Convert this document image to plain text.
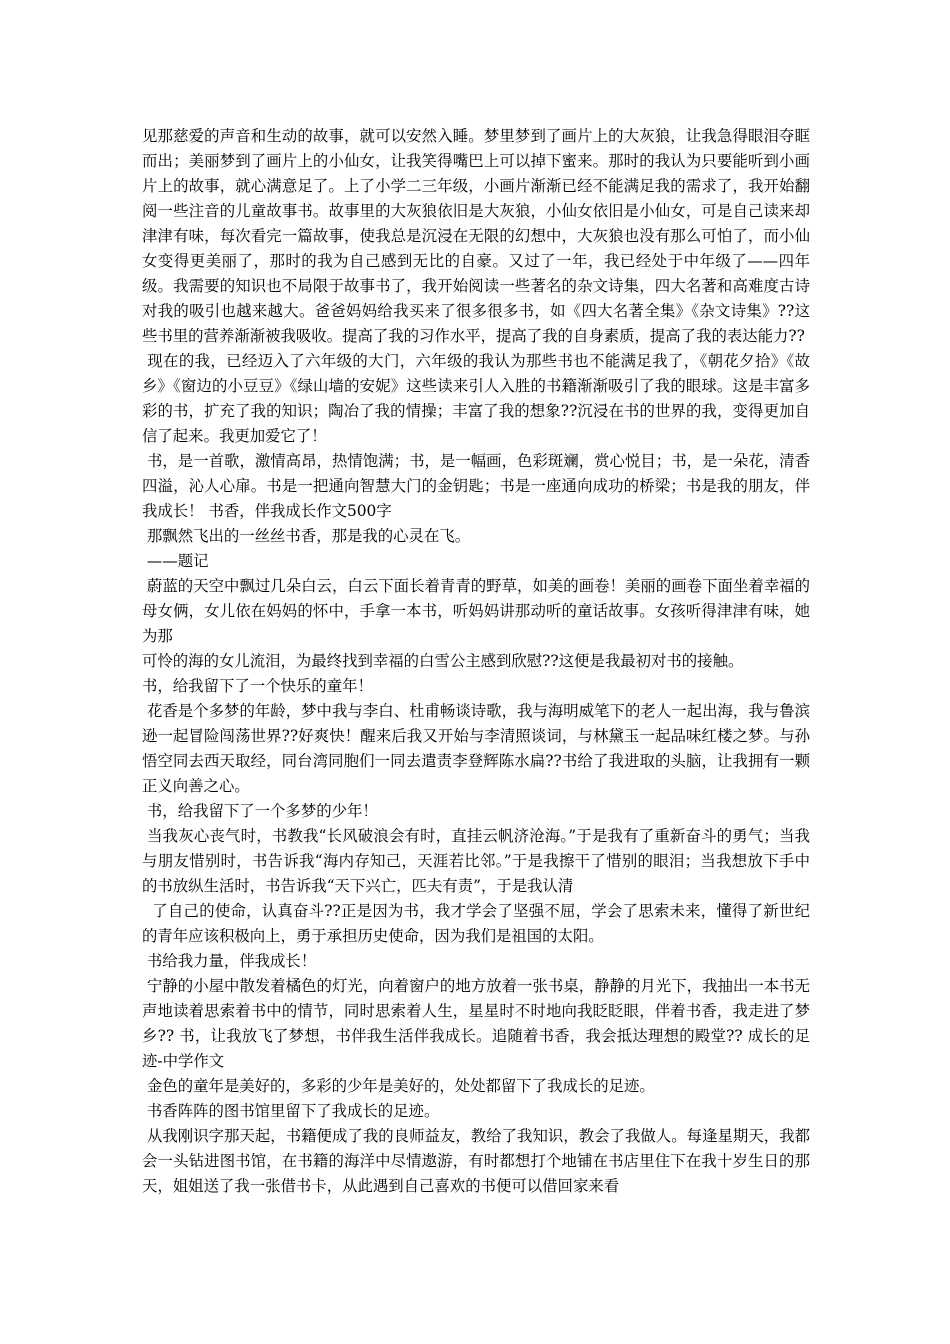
见那慈爱的声音和生动的故事，就可以安然入睡。梦里梦到了画片上的大灰狼，让我急得眼泪夺眶而出；美丽梦到了画片上的小仙女，让我笑得嘴巴上可以掉下蜜来。那时的我认为只要能听到小画片上的故事，就心满意足了。上了小学二三年级，小画片渐渐已经不能满足我的需求了，我开始翻阅一些注音的儿童故事书。故事里的大灰狼依旧是大灰狼，小仙女依旧是小仙女，可是自己读来却津津有味，每次看完一篇故事，使我总是沉浸在无限的幻想中，大灰狼也没有那么可怕了，而小仙女变得更美丽了，那时的我为自己感到无比的自豪。又过了一年，我已经处于中年级了——四年级。我需要的知识也不局限于故事书了，我开始阅读一些著名的杂文诗集，四大名著和高难度古诗对我的吸引也越来越大。爸爸妈妈给我买来了很多很多书，如《四大名著全集》《杂文诗集》??这些书里的营养渐渐被我吸收。提高了我的习作水平，提高了我的自身素质，提高了我的表达能力??

现在的我，已经迈入了六年级的大门，六年级的我认为那些书也不能满足我了，《朝花夕拾》《故乡》《窗边的小豆豆》《绿山墙的安妮》这些读来引人入胜的书籍渐渐吸引了我的眼球。这是丰富多彩的书，扩充了我的知识；陶冶了我的情操；丰富了我的想象??沉浸在书的世界的我，变得更加自信了起来。我更加爱它了！

书，是一首歌，激情高昂，热情饱满；书，是一幅画，色彩斑斓，赏心悦目；书，是一朵花，清香四溢，沁人心扉。书是一把通向智慧大门的金钥匙；书是一座通向成功的桥梁；书是我的朋友，伴我成长！ 书香，伴我成长作文500字

那飘然飞出的一丝丝书香，那是我的心灵在飞。

——题记

蔚蓝的天空中飘过几朵白云，白云下面长着青青的野草，如美的画卷！美丽的画卷下面坐着幸福的母女俩，女儿依在妈妈的怀中，手拿一本书，听妈妈讲那动听的童话故事。女孩听得津津有味，她为那

可怜的海的女儿流泪，为最终找到幸福的白雪公主感到欣慰??这便是我最初对书的接触。

书，给我留下了一个快乐的童年！

花香是个多梦的年龄，梦中我与李白、杜甫畅谈诗歌，我与海明威笔下的老人一起出海，我与鲁滨逊一起冒险闯荡世界??好爽快！醒来后我又开始与李清照谈词，与林黛玉一起品味红楼之梦。与孙悟空同去西天取经，同台湾同胞们一同去遣责李登辉陈水扁??书给了我进取的头脑，让我拥有一颗正义向善之心。

书，给我留下了一个多梦的少年！

当我灰心丧气时，书教我“长风破浪会有时，直挂云帆济沧海。”于是我有了重新奋斗的勇气；当我与朋友惜别时，书告诉我“海内存知己，天涯若比邻。”于是我擦干了惜别的眼泪；当我想放下手中的书放纵生活时，书告诉我“天下兴亡，匹夫有责”，于是我认清

了自己的使命，认真奋斗??正是因为书，我才学会了坚强不屈，学会了思索未来，懂得了新世纪的青年应该积极向上，勇于承担历史使命，因为我们是祖国的太阳。

书给我力量，伴我成长！

宁静的小屋中散发着橘色的灯光，向着窗户的地方放着一张书桌，静静的月光下，我抽出一本书无声地读着思索着书中的情节，同时思索着人生，星星时不时地向我眨眨眼，伴着书香，我走进了梦乡?? 书，让我放飞了梦想，书伴我生活伴我成长。追随着书香，我会抵达理想的殿堂?? 成长的足迹-中学作文

金色的童年是美好的，多彩的少年是美好的，处处都留下了我成长的足迹。

书香阵阵的图书馆里留下了我成长的足迹。

从我刚识字那天起，书籍便成了我的良师益友，教给了我知识，教会了我做人。每逢星期天，我都会一头钻进图书馆，在书籍的海洋中尽情遨游，有时都想打个地铺在书店里住下在我十岁生日的那天，姐姐送了我一张借书卡，从此遇到自己喜欢的书便可以借回家来看
